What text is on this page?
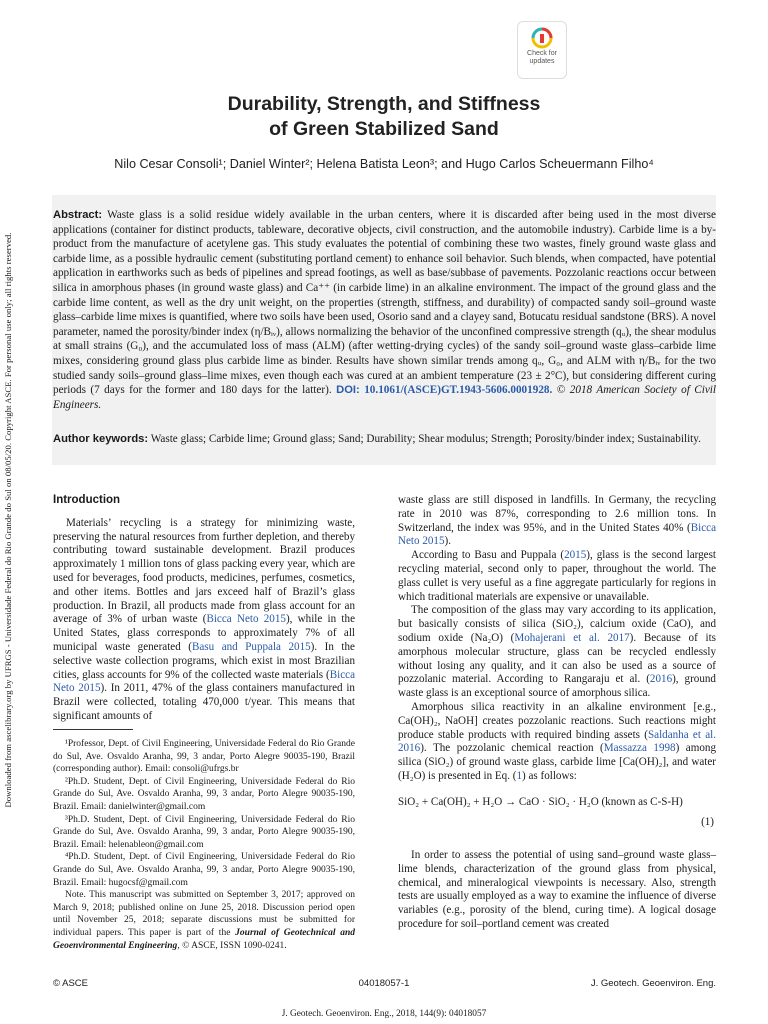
Downloaded from ascelibrary.org by UFRGS - Universidade Federal do Rio Grande do Sul on 08/05/20. Copyright ASCE. For personal use only; all rights reserved.
Check for updates
Durability, Strength, and Stiffness
of Green Stabilized Sand
Nilo Cesar Consoli¹; Daniel Winter²; Helena Batista Leon³; and Hugo Carlos Scheuermann Filho⁴
Abstract: Waste glass is a solid residue widely available in the urban centers, where it is discarded after being used in the most diverse applications (container for distinct products, tableware, decorative objects, civil construction, and the automobile industry). Carbide lime is a by-product from the manufacture of acetylene gas. This study evaluates the potential of combining these two wastes, finely ground waste glass and carbide lime, as a possible hydraulic cement (substituting portland cement) to enhance soil behavior. Such blends, when compacted, have potential application in earthworks such as beds of pipelines and spread footings, as well as base/subbase of pavements. Pozzolanic reactions occur between silica in amorphous phases (in ground waste glass) and Ca⁺⁺ (in carbide lime) in an alkaline environment. The impact of the ground glass and the carbide lime content, as well as the dry unit weight, on the properties (strength, stiffness, and durability) of compacted sandy soil–ground waste glass–carbide lime mixes is quantified, where two soils have been used, Osorio sand and a clayey sand, Botucatu residual sandstone (BRS). A novel parameter, named the porosity/binder index (η/Bᵢᵥ), allows normalizing the behavior of the unconfined compressive strength (qᵤ), the shear modulus at small strains (G₀), and the accumulated loss of mass (ALM) (after wetting-drying cycles) of the sandy soil–ground waste glass–carbide lime mixes, considering ground glass plus carbide lime as binder. Results have shown similar trends among qᵤ, G₀, and ALM with η/Bᵢᵥ for the two studied sandy soils–ground glass–lime mixes, even though each was cured at an ambient temperature (23 ± 2°C), but considering different curing periods (7 days for the former and 180 days for the latter). DOI: 10.1061/(ASCE)GT.1943-5606.0001928. © 2018 American Society of Civil Engineers.
Author keywords: Waste glass; Carbide lime; Ground glass; Sand; Durability; Shear modulus; Strength; Porosity/binder index; Sustainability.
Introduction

Materials’ recycling is a strategy for minimizing waste, preserving the natural resources from further depletion, and thereby contributing toward sustainable development. Brazil produces approximately 1 million tons of glass packing every year, which are used for beverages, food products, medicines, perfumes, cosmetics, and other items. Bottles and jars exceed half of Brazil’s glass production. In Brazil, all products made from glass account for an average of 3% of urban waste (Bicca Neto 2015), while in the United States, glass corresponds to approximately 7% of all municipal waste generated (Basu and Puppala 2015). In the selective waste collection programs, which exist in most Brazilian cities, glass accounts for 9% of the collected waste materials (Bicca Neto 2015). In 2011, 47% of the glass containers manufactured in Brazil were collected, totaling 470,000 t/year. This means that significant amounts of

¹Professor, Dept. of Civil Engineering, Universidade Federal do Rio Grande do Sul, Ave. Osvaldo Aranha, 99, 3 andar, Porto Alegre 90035-190, Brazil (corresponding author). Email: consoli@ufrgs.br

²Ph.D. Student, Dept. of Civil Engineering, Universidade Federal do Rio Grande do Sul, Ave. Osvaldo Aranha, 99, 3 andar, Porto Alegre 90035-190, Brazil. Email: danielwinter@gmail.com

³Ph.D. Student, Dept. of Civil Engineering, Universidade Federal do Rio Grande do Sul, Ave. Osvaldo Aranha, 99, 3 andar, Porto Alegre 90035-190, Brazil. Email: helenableon@gmail.com

⁴Ph.D. Student, Dept. of Civil Engineering, Universidade Federal do Rio Grande do Sul, Ave. Osvaldo Aranha, 99, 3 andar, Porto Alegre 90035-190, Brazil. Email: hugocsf@gmail.com

Note. This manuscript was submitted on September 3, 2017; approved on March 9, 2018; published online on June 25, 2018. Discussion period open until November 25, 2018; separate discussions must be submitted for individual papers. This paper is part of the Journal of Geotechnical and Geoenvironmental Engineering, © ASCE, ISSN 1090-0241.

waste glass are still disposed in landfills. In Germany, the recycling rate in 2010 was 87%, corresponding to 2.6 million tons. In Switzerland, the index was 95%, and in the United States 40% (Bicca Neto 2015).

According to Basu and Puppala (2015), glass is the second largest recycling material, second only to paper, throughout the world. The glass cullet is very useful as a fine aggregate particularly for regions in which traditional materials are expensive or unavailable.

The composition of the glass may vary according to its application, but basically consists of silica (SiO₂), calcium oxide (CaO), and sodium oxide (Na₂O) (Mohajerani et al. 2017). Because of its amorphous molecular structure, glass can be recycled endlessly without losing any quality, and it can also be used as a source of pozzolanic material. According to Rangaraju et al. (2016), ground waste glass is an exceptional source of amorphous silica.

Amorphous silica reactivity in an alkaline environment [e.g., Ca(OH)₂, NaOH] creates pozzolanic reactions. Such reactions might produce stable products with required binding assets (Saldanha et al. 2016). The pozzolanic chemical reaction (Massazza 1998) among silica (SiO₂) of ground waste glass, carbide lime [Ca(OH)₂], and water (H₂O) is presented in Eq. (1) as follows:

SiO₂ + Ca(OH)₂ + H₂O → CaO · SiO₂ · H₂O (known as C-S-H)
(1)

In order to assess the potential of using sand–ground waste glass–lime blends, characterization of the ground glass from physical, chemical, and mineralogical viewpoints is necessary. Also, strength tests are usually employed as a way to examine the influence of diverse variables (e.g., porosity of the blend, curing time). A logical dosage procedure for soil–portland cement was created

© ASCE	04018057-1	J. Geotech. Geoenviron. Eng.
J. Geotech. Geoenviron. Eng., 2018, 144(9): 04018057
